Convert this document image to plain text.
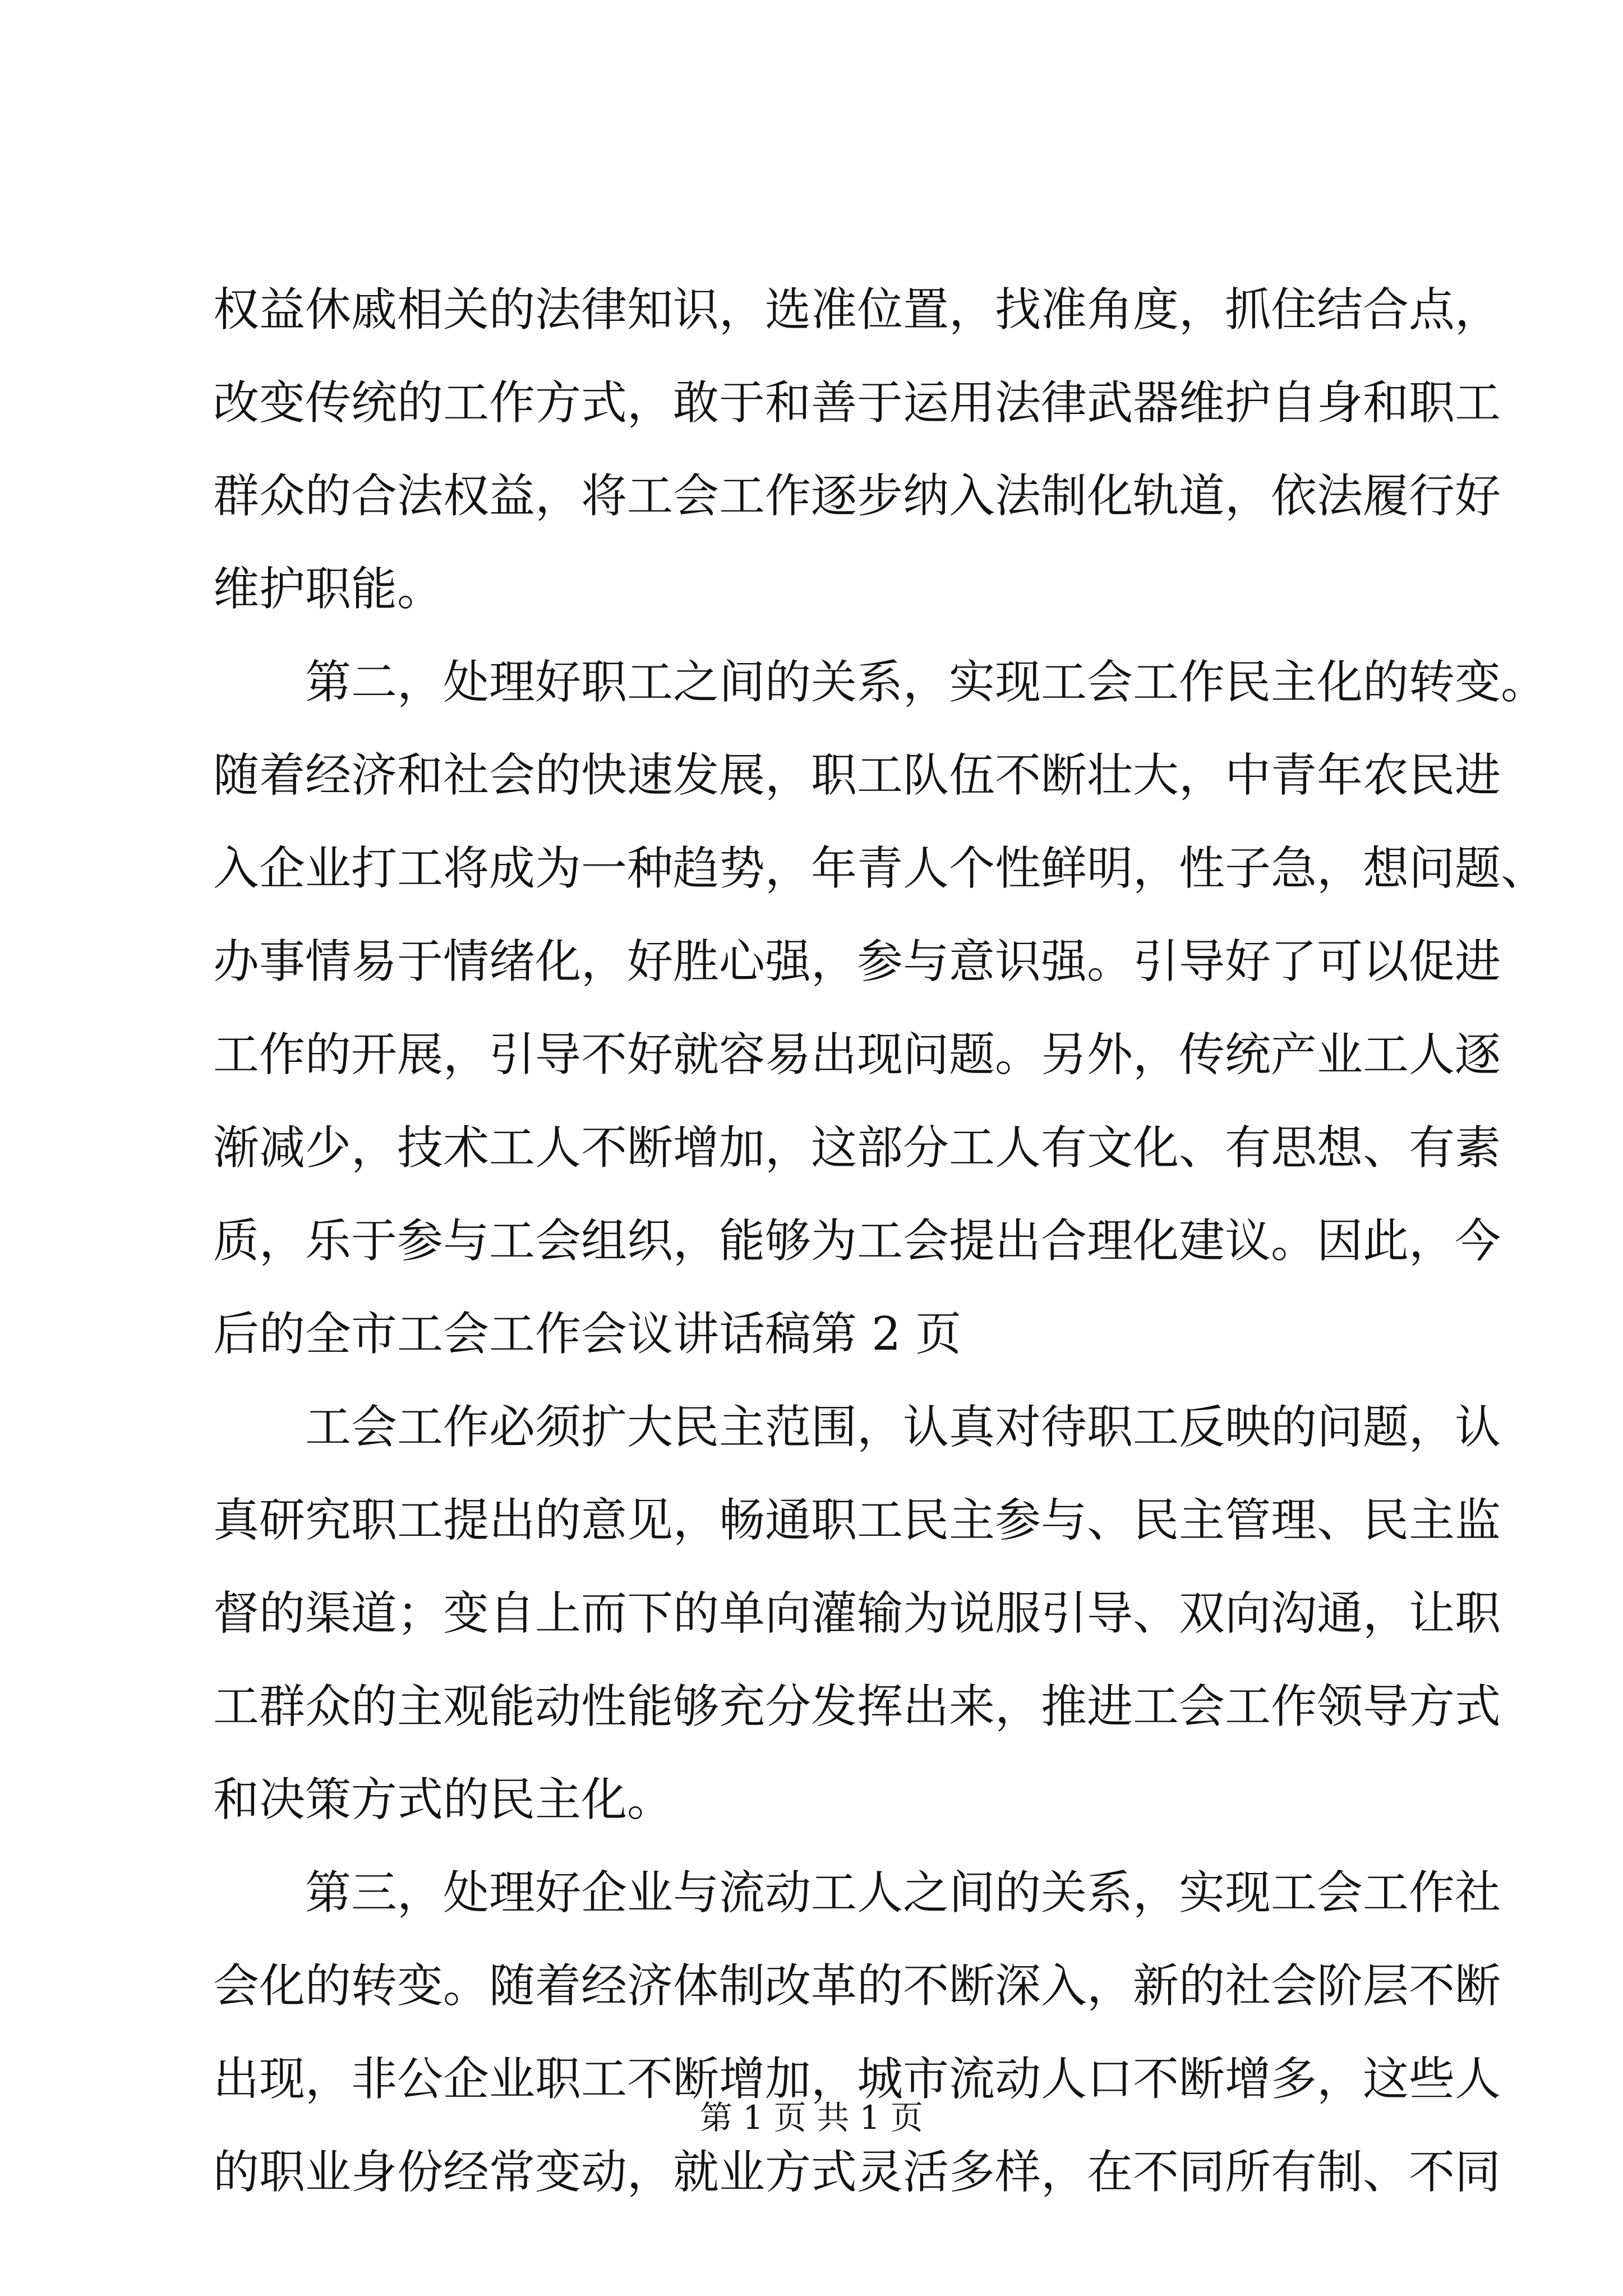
权益休戚相关的法律知识，选准位置，找准角度，抓住结合点，
改变传统的工作方式，敢于和善于运用法律武器维护自身和职工
群众的合法权益，将工会工作逐步纳入法制化轨道，依法履行好
维护职能。
第二，处理好职工之间的关系，实现工会工作民主化的转变。
随着经济和社会的快速发展，职工队伍不断壮大，中青年农民进
入企业打工将成为一种趋势，年青人个性鲜明，性子急，想问题、
办事情易于情绪化，好胜心强，参与意识强。引导好了可以促进
工作的开展，引导不好就容易出现问题。另外，传统产业工人逐
渐减少，技术工人不断增加，这部分工人有文化、有思想、有素
质，乐于参与工会组织，能够为工会提出合理化建议。因此，今
后的全市工会工作会议讲话稿第 2 页
工会工作必须扩大民主范围，认真对待职工反映的问题，认
真研究职工提出的意见，畅通职工民主参与、民主管理、民主监
督的渠道；变自上而下的单向灌输为说服引导、双向沟通，让职
工群众的主观能动性能够充分发挥出来，推进工会工作领导方式
和决策方式的民主化。
第三，处理好企业与流动工人之间的关系，实现工会工作社
会化的转变。随着经济体制改革的不断深入，新的社会阶层不断
出现，非公企业职工不断增加，城市流动人口不断增多，这些人
的职业身份经常变动，就业方式灵活多样，在不同所有制、不同
第 1 页 共 1 页
